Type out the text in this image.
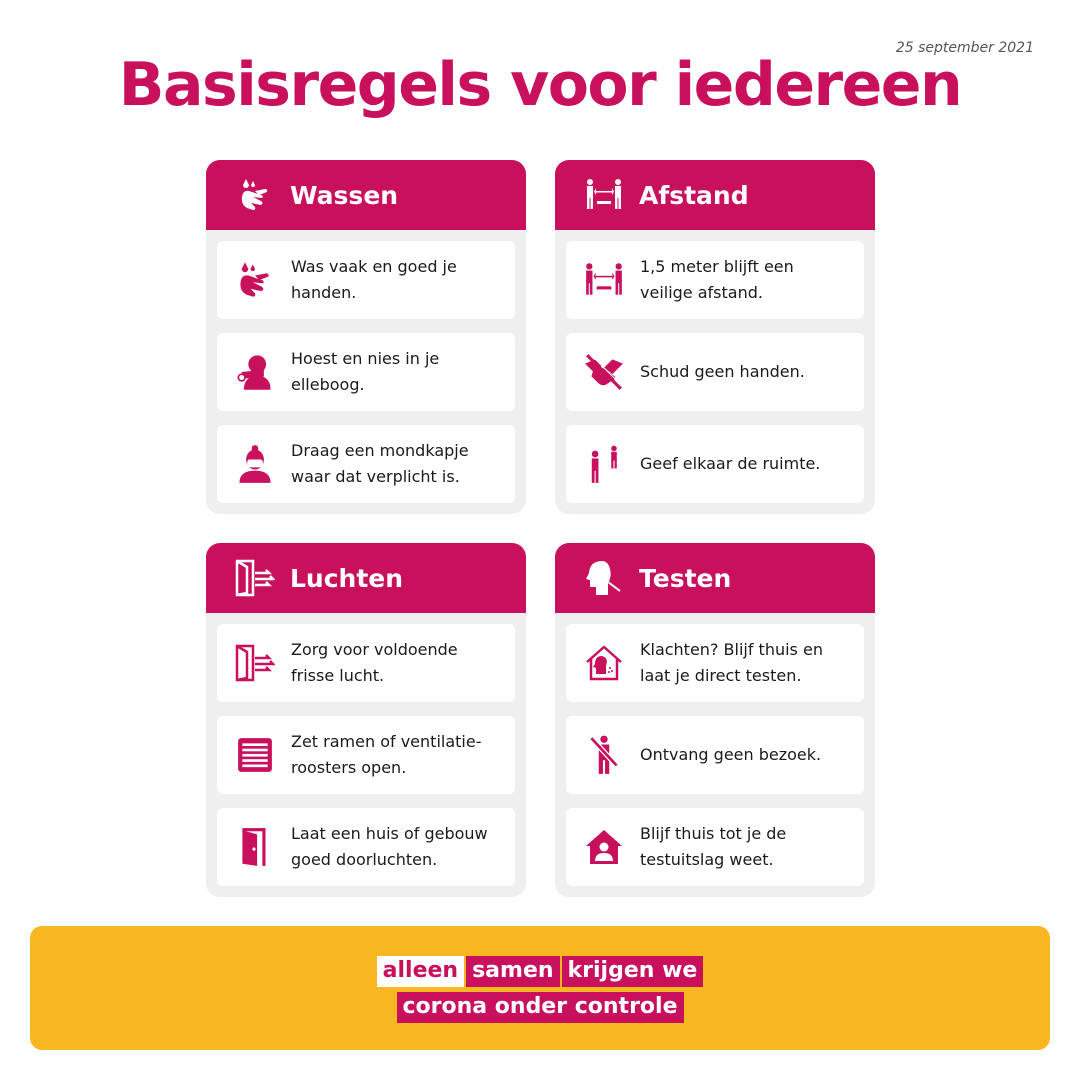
25 september 2021
Basisregels voor iedereen
Wassen
Was vaak en goed je handen.
Hoest en nies in je elleboog.
Draag een mondkapje waar dat verplicht is.
Afstand
1,5 meter blijft een veilige afstand.
Schud geen handen.
Geef elkaar de ruimte.
Luchten
Zorg voor voldoende frisse lucht.
Zet ramen of ventilatie-roosters open.
Laat een huis of gebouw goed doorluchten.
Testen
Klachten? Blijf thuis en laat je direct testen.
Ontvang geen bezoek.
Blijf thuis tot je de testuitslag weet.
alleen samen krijgen we
corona onder controle
